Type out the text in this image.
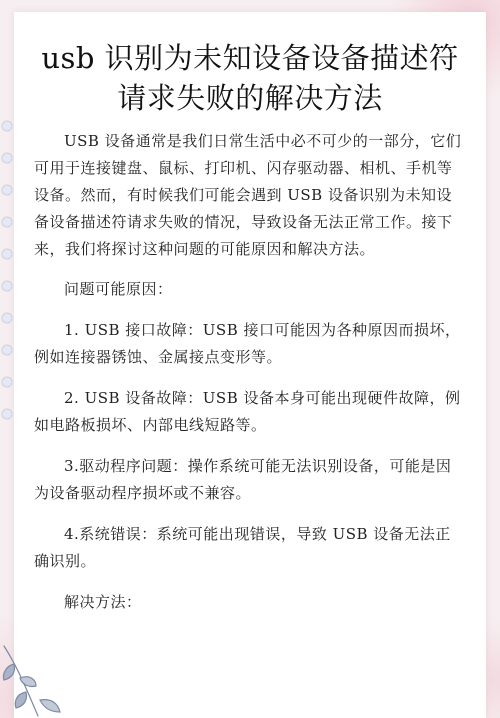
usb 识别为未知设备设备描述符
请求失败的解决方法

USB 设备通常是我们日常生活中必不可少的一部分，它们可用于连接键盘、鼠标、打印机、闪存驱动器、相机、手机等设备。然而，有时候我们可能会遇到 USB 设备识别为未知设备设备描述符请求失败的情况，导致设备无法正常工作。接下来，我们将探讨这种问题的可能原因和解决方法。

问题可能原因：

1. USB 接口故障：USB 接口可能因为各种原因而损坏，例如连接器锈蚀、金属接点变形等。

2. USB 设备故障：USB 设备本身可能出现硬件故障，例如电路板损坏、内部电线短路等。

3.驱动程序问题：操作系统可能无法识别设备，可能是因为设备驱动程序损坏或不兼容。

4.系统错误：系统可能出现错误，导致 USB 设备无法正确识别。

解决方法：
